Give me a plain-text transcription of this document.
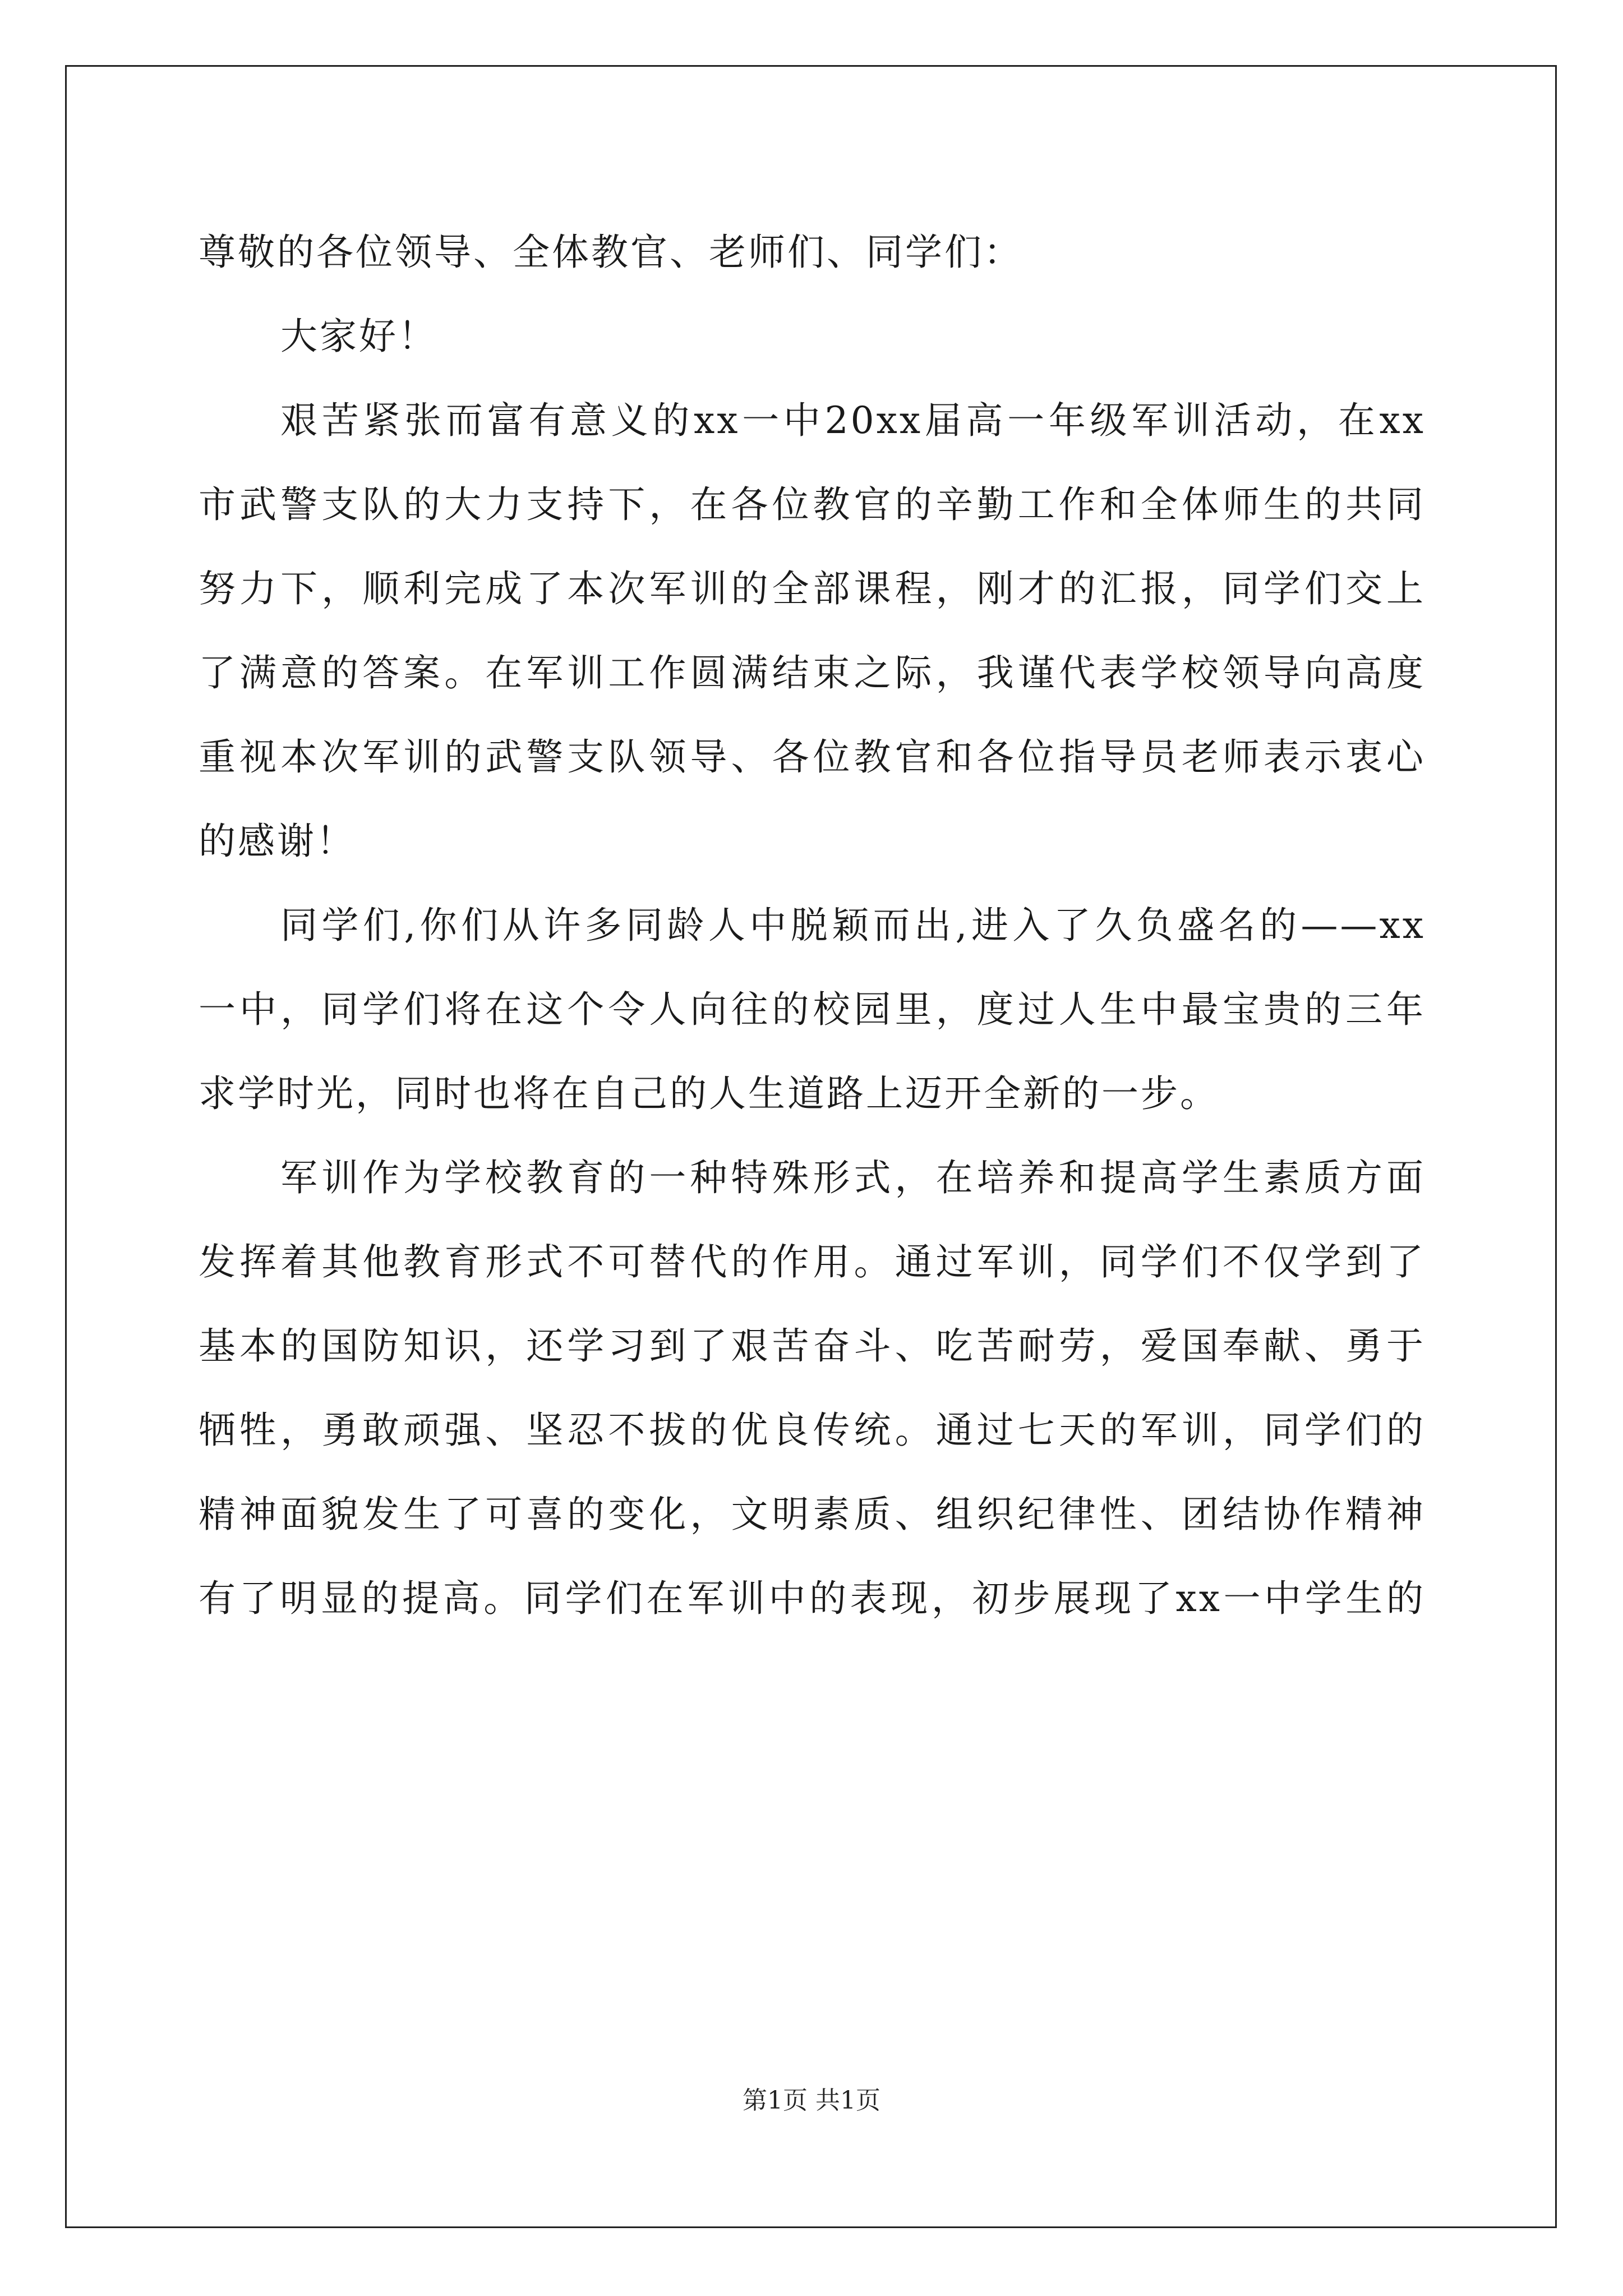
尊敬的各位领导、全体教官、老师们、同学们：
大家好！
艰苦紧张而富有意义的xx一中20xx届高一年级军训活动，在xx
市武警支队的大力支持下，在各位教官的辛勤工作和全体师生的共同
努力下，顺利完成了本次军训的全部课程，刚才的汇报，同学们交上
了满意的答案。在军训工作圆满结束之际，我谨代表学校领导向高度
重视本次军训的武警支队领导、各位教官和各位指导员老师表示衷心
的感谢！
同学们,你们从许多同龄人中脱颖而出,进入了久负盛名的——xx
一中，同学们将在这个令人向往的校园里，度过人生中最宝贵的三年
求学时光，同时也将在自己的人生道路上迈开全新的一步。
军训作为学校教育的一种特殊形式，在培养和提高学生素质方面
发挥着其他教育形式不可替代的作用。通过军训，同学们不仅学到了
基本的国防知识，还学习到了艰苦奋斗、吃苦耐劳，爱国奉献、勇于
牺牲，勇敢顽强、坚忍不拔的优良传统。通过七天的军训，同学们的
精神面貌发生了可喜的变化，文明素质、组织纪律性、团结协作精神
有了明显的提高。同学们在军训中的表现，初步展现了xx一中学生的
第1页 共1页
